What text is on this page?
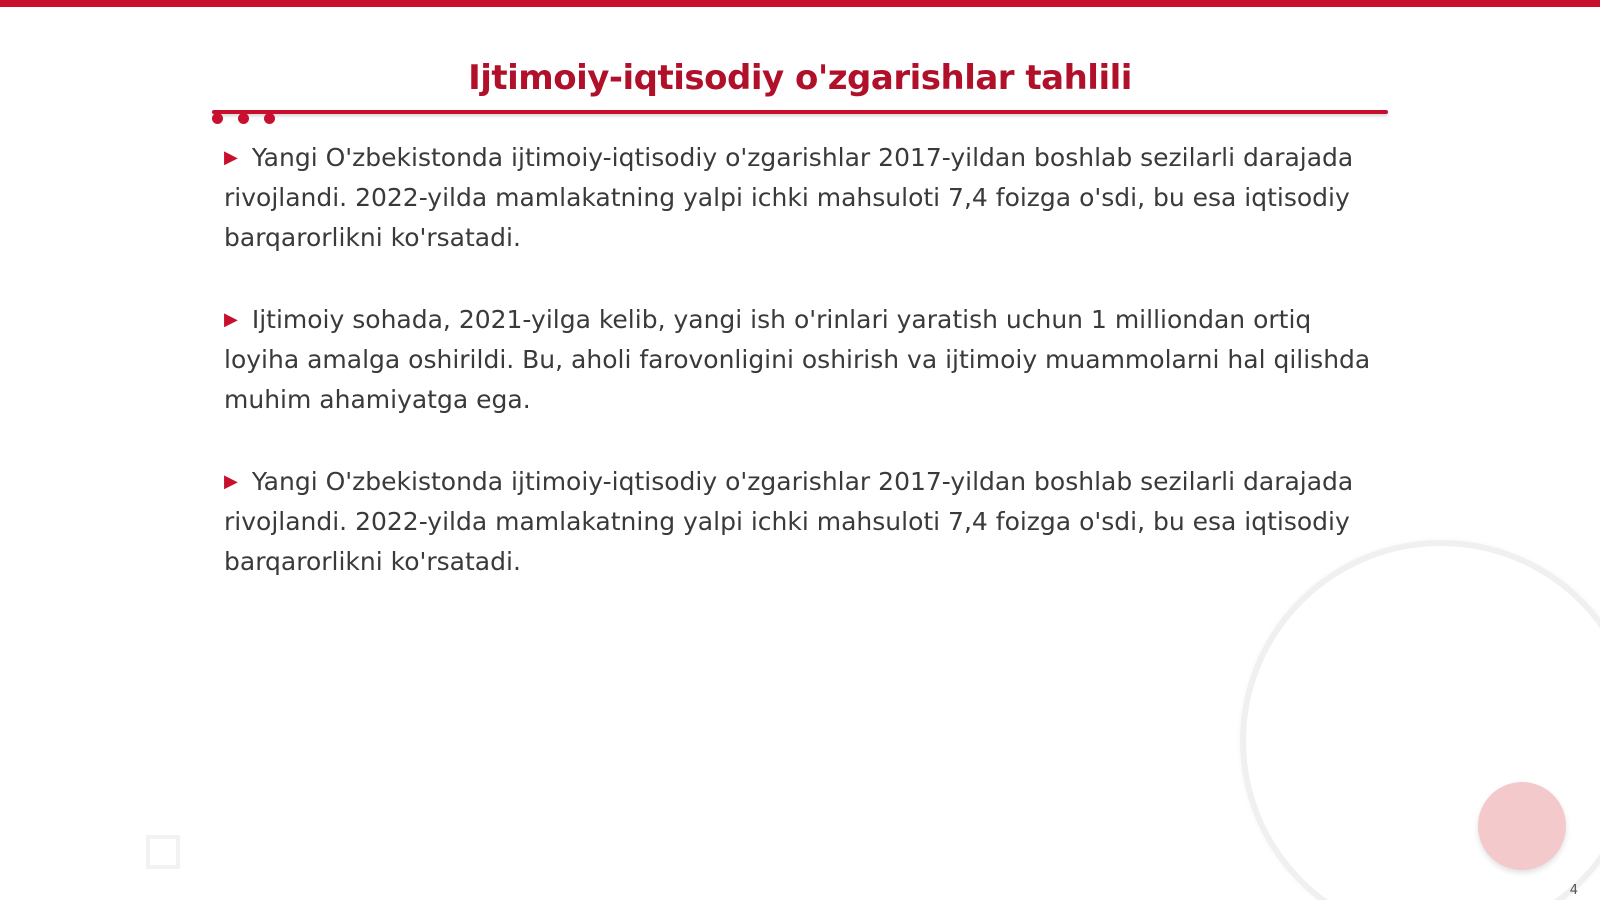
Ijtimoiy-iqtisodiy o'zgarishlar tahlili

▶ Yangi O'zbekistonda ijtimoiy-iqtisodiy o'zgarishlar 2017-yildan boshlab sezilarli darajada rivojlandi. 2022-yilda mamlakatning yalpi ichki mahsuloti 7,4 foizga o'sdi, bu esa iqtisodiy barqarorlikni ko'rsatadi.

▶ Ijtimoiy sohada, 2021-yilga kelib, yangi ish o'rinlari yaratish uchun 1 milliondan ortiq loyiha amalga oshirildi. Bu, aholi farovonligini oshirish va ijtimoiy muammolarni hal qilishda muhim ahamiyatga ega.

▶ Yangi O'zbekistonda ijtimoiy-iqtisodiy o'zgarishlar 2017-yildan boshlab sezilarli darajada rivojlandi. 2022-yilda mamlakatning yalpi ichki mahsuloti 7,4 foizga o'sdi, bu esa iqtisodiy barqarorlikni ko'rsatadi.

4
